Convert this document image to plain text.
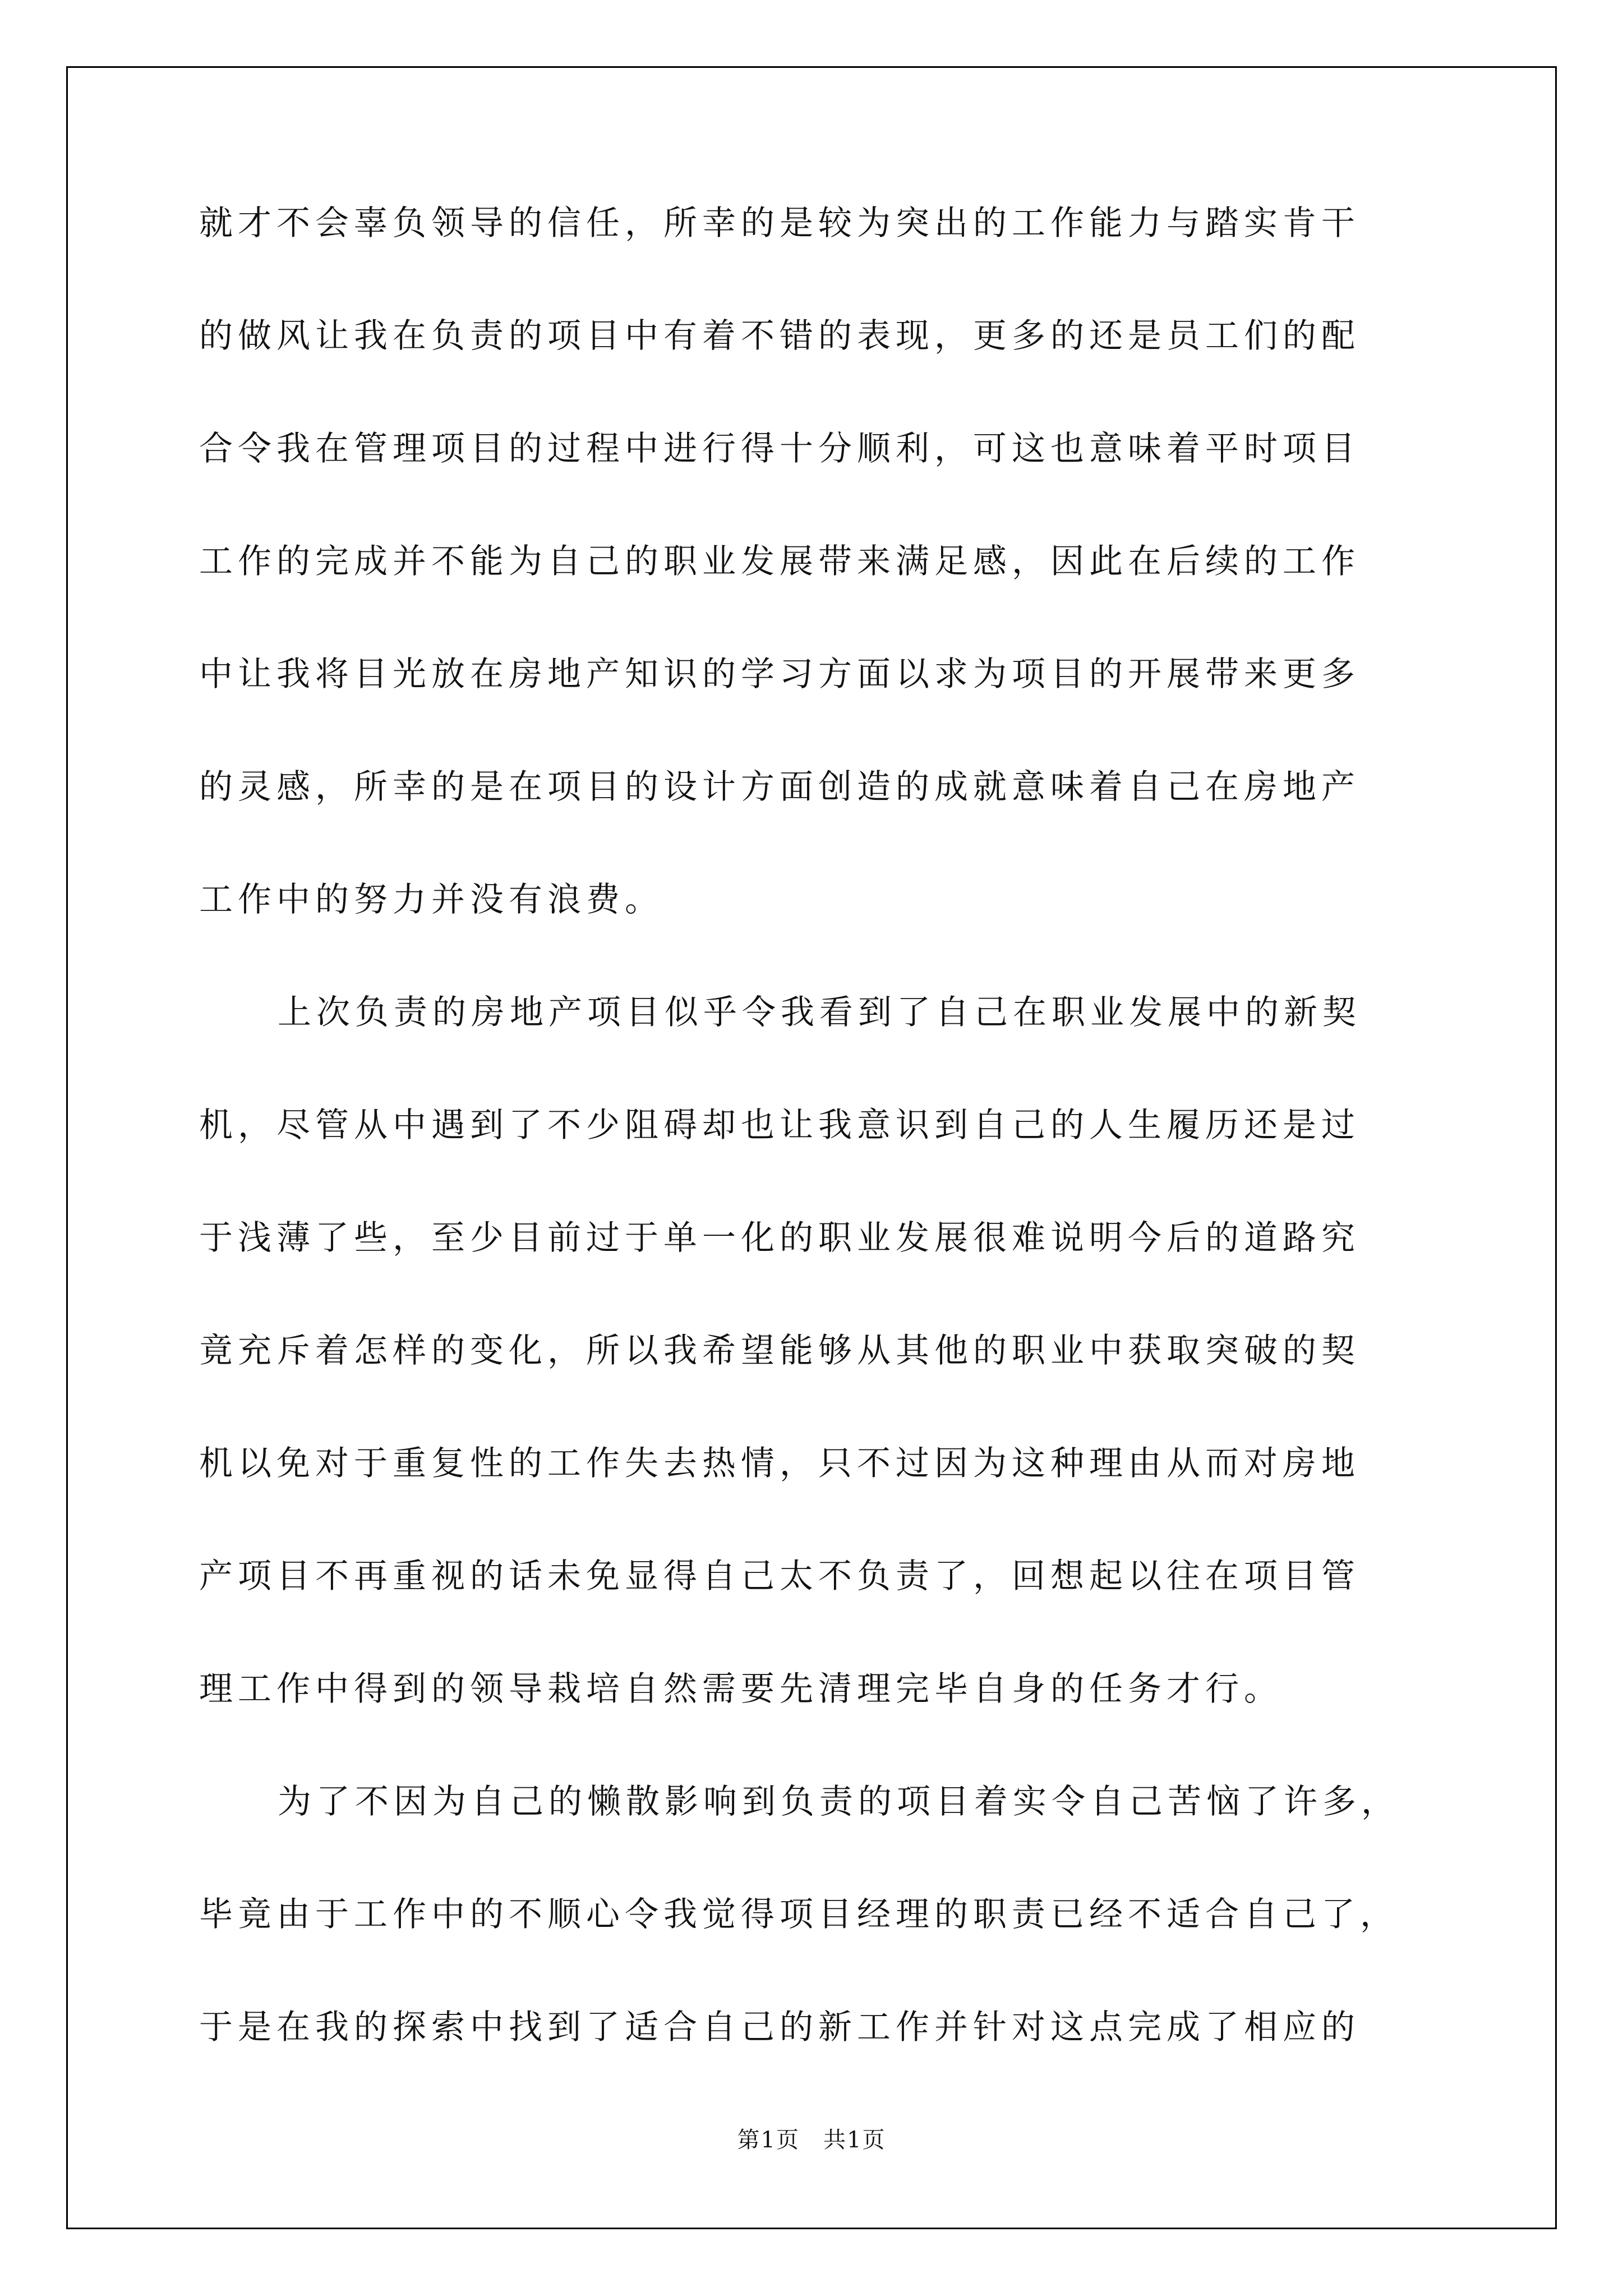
就才不会辜负领导的信任，所幸的是较为突出的工作能力与踏实肯干
的做风让我在负责的项目中有着不错的表现，更多的还是员工们的配
合令我在管理项目的过程中进行得十分顺利，可这也意味着平时项目
工作的完成并不能为自己的职业发展带来满足感，因此在后续的工作
中让我将目光放在房地产知识的学习方面以求为项目的开展带来更多
的灵感，所幸的是在项目的设计方面创造的成就意味着自己在房地产
工作中的努力并没有浪费。
上次负责的房地产项目似乎令我看到了自己在职业发展中的新契
机，尽管从中遇到了不少阻碍却也让我意识到自己的人生履历还是过
于浅薄了些，至少目前过于单一化的职业发展很难说明今后的道路究
竟充斥着怎样的变化，所以我希望能够从其他的职业中获取突破的契
机以免对于重复性的工作失去热情，只不过因为这种理由从而对房地
产项目不再重视的话未免显得自己太不负责了，回想起以往在项目管
理工作中得到的领导栽培自然需要先清理完毕自身的任务才行。
为了不因为自己的懒散影响到负责的项目着实令自己苦恼了许多，
毕竟由于工作中的不顺心令我觉得项目经理的职责已经不适合自己了，
于是在我的探索中找到了适合自己的新工作并针对这点完成了相应的
第1页 共1页
